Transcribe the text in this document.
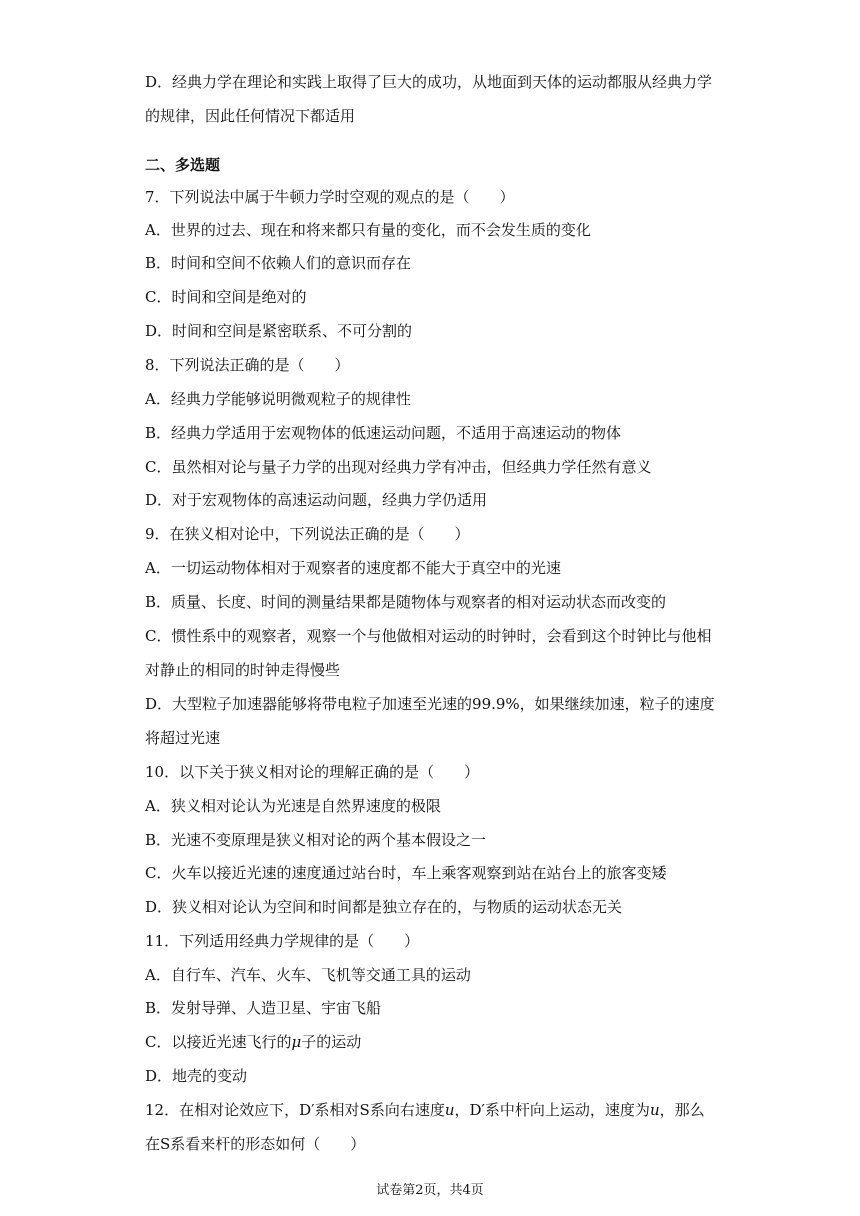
D．经典力学在理论和实践上取得了巨大的成功，从地面到天体的运动都服从经典力学
的规律，因此任何情况下都适用
二、多选题
7．下列说法中属于牛顿力学时空观的观点的是（　　）
A．世界的过去、现在和将来都只有量的变化，而不会发生质的变化
B．时间和空间不依赖人们的意识而存在
C．时间和空间是绝对的
D．时间和空间是紧密联系、不可分割的
8．下列说法正确的是（　　）
A．经典力学能够说明微观粒子的规律性
B．经典力学适用于宏观物体的低速运动问题，不适用于高速运动的物体
C．虽然相对论与量子力学的出现对经典力学有冲击，但经典力学任然有意义
D．对于宏观物体的高速运动问题，经典力学仍适用
9．在狭义相对论中，下列说法正确的是（　　）
A．一切运动物体相对于观察者的速度都不能大于真空中的光速
B．质量、长度、时间的测量结果都是随物体与观察者的相对运动状态而改变的
C．惯性系中的观察者，观察一个与他做相对运动的时钟时，会看到这个时钟比与他相
对静止的相同的时钟走得慢些
D．大型粒子加速器能够将带电粒子加速至光速的99.9%，如果继续加速，粒子的速度
将超过光速
10．以下关于狭义相对论的理解正确的是（　　）
A．狭义相对论认为光速是自然界速度的极限
B．光速不变原理是狭义相对论的两个基本假设之一
C．火车以接近光速的速度通过站台时，车上乘客观察到站在站台上的旅客变矮
D．狭义相对论认为空间和时间都是独立存在的，与物质的运动状态无关
11．下列适用经典力学规律的是（　　）
A．自行车、汽车、火车、飞机等交通工具的运动
B．发射导弹、人造卫星、宇宙飞船
C．以接近光速飞行的μ子的运动
D．地壳的变动
12．在相对论效应下，D′系相对S系向右速度u，D′系中杆向上运动，速度为u，那么
在S系看来杆的形态如何（　　）
试卷第2页，共4页
